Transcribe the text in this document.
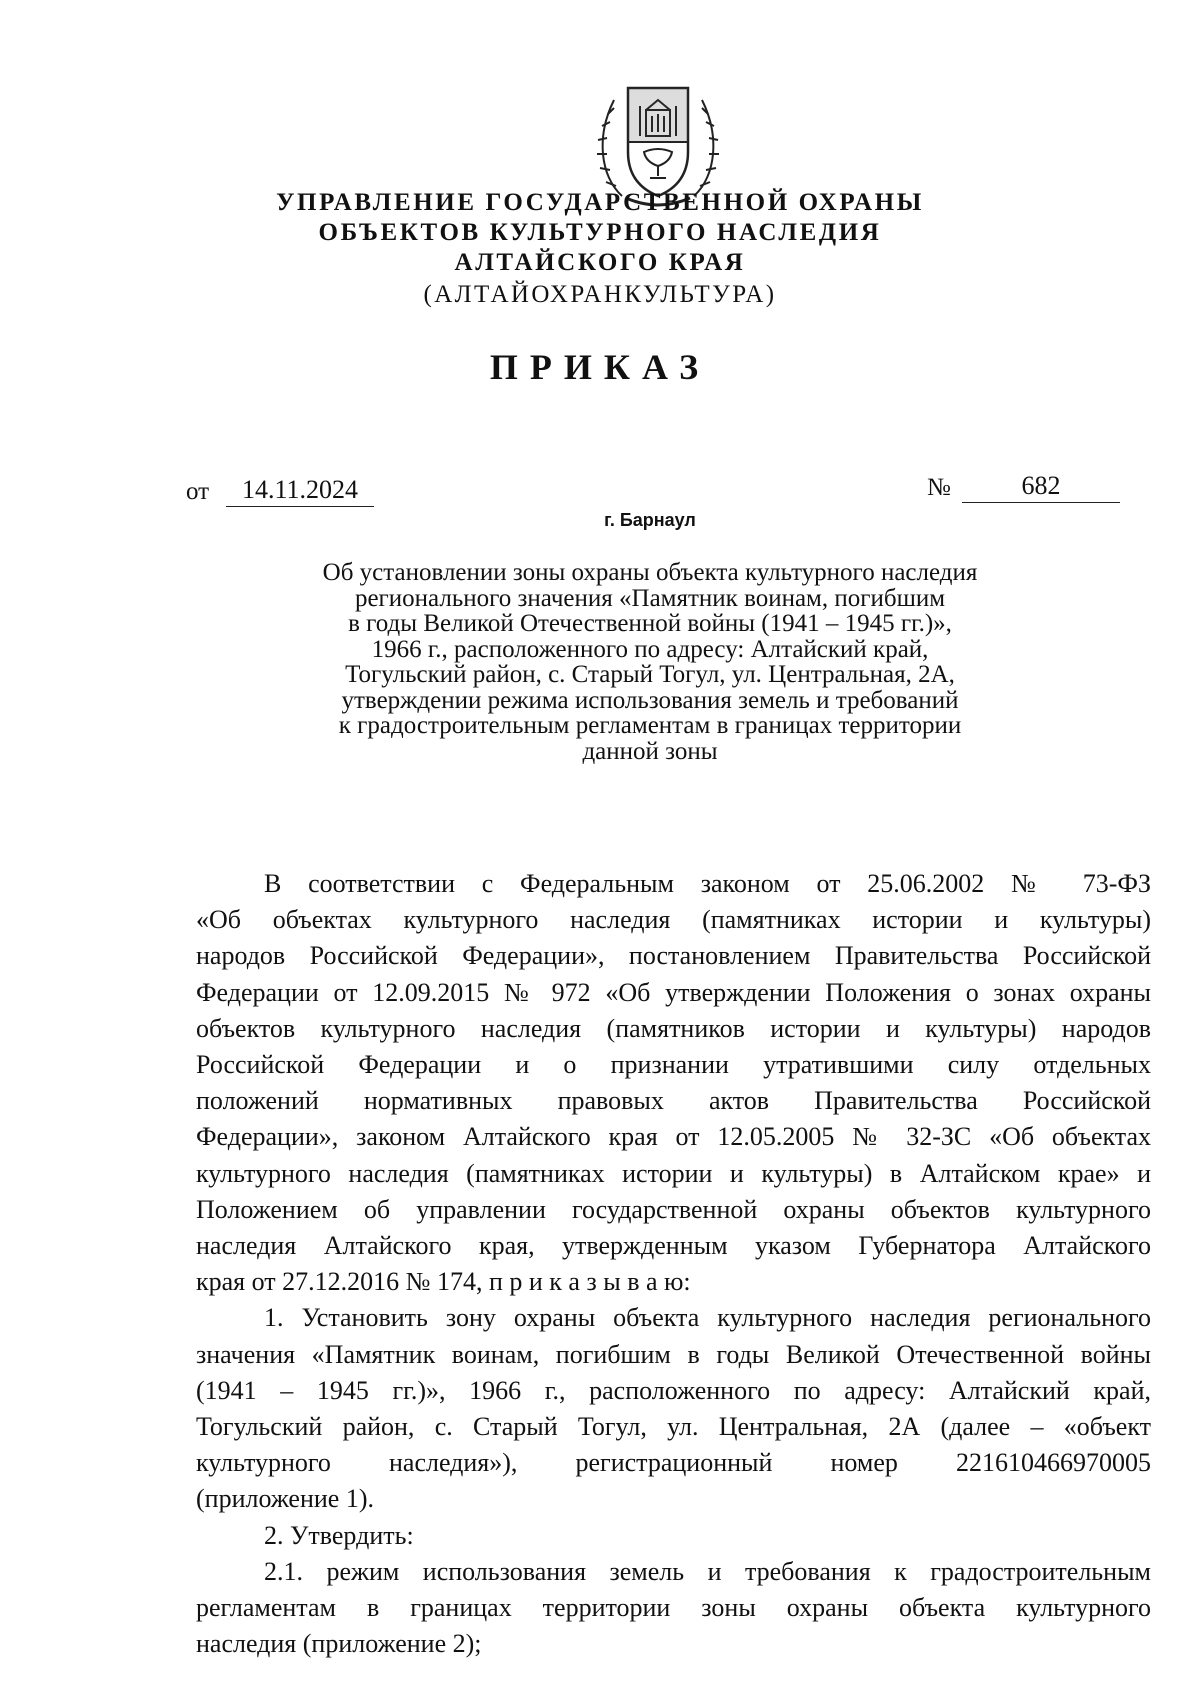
УПРАВЛЕНИЕ ГОСУДАРСТВЕННОЙ ОХРАНЫ
ОБЪЕКТОВ КУЛЬТУРНОГО НАСЛЕДИЯ
АЛТАЙСКОГО КРАЯ
(АЛТАЙОХРАНКУЛЬТУРА)
ПРИКАЗ
от	14.11.2024	№	682
г. Барнаул
Об установлении зоны охраны объекта культурного наследия
регионального значения «Памятник воинам, погибшим
в годы Великой Отечественной войны (1941 – 1945 гг.)»,
1966 г., расположенного по адресу: Алтайский край,
Тогульский район, с. Старый Тогул, ул. Центральная, 2А,
утверждении режима использования земель и требований
к градостроительным регламентам в границах территории
данной зоны
В соответствии с Федеральным законом от 25.06.2002 № 73-ФЗ
«Об объектах культурного наследия (памятниках истории и культуры)
народов Российской Федерации», постановлением Правительства Российской
Федерации от 12.09.2015 № 972 «Об утверждении Положения о зонах охраны
объектов культурного наследия (памятников истории и культуры) народов
Российской Федерации и о признании утратившими силу отдельных
положений нормативных правовых актов Правительства Российской
Федерации», законом Алтайского края от 12.05.2005 № 32-ЗС «Об объектах
культурного наследия (памятниках истории и культуры) в Алтайском крае» и
Положением об управлении государственной охраны объектов культурного
наследия Алтайского края, утвержденным указом Губернатора Алтайского
края от 27.12.2016 № 174, п р и к а з ы в а ю:
1. Установить зону охраны объекта культурного наследия регионального
значения «Памятник воинам, погибшим в годы Великой Отечественной войны
(1941 – 1945 гг.)», 1966 г., расположенного по адресу: Алтайский край,
Тогульский район, с. Старый Тогул, ул. Центральная, 2А (далее – «объект
культурного наследия»), регистрационный номер 221610466970005
(приложение 1).
2. Утвердить:
2.1. режим использования земель и требования к градостроительным
регламентам в границах территории зоны охраны объекта культурного
наследия (приложение 2);
